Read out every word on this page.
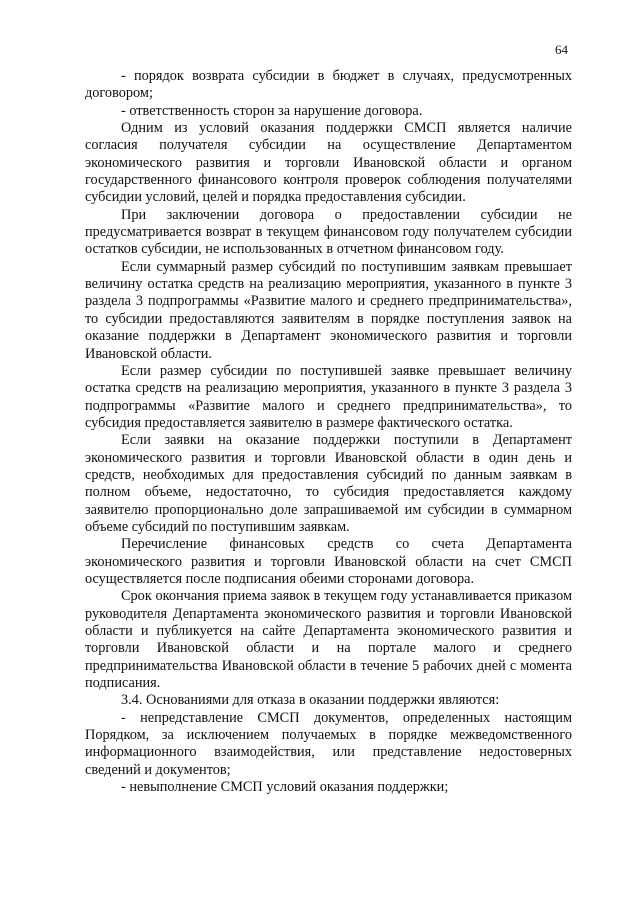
64

- порядок возврата субсидии в бюджет в случаях, предусмотренных договором;

- ответственность сторон за нарушение договора.

Одним из условий оказания поддержки СМСП является наличие согласия получателя субсидии на осуществление Департаментом экономического развития и торговли Ивановской области и органом государственного финансового контроля проверок соблюдения получателями субсидии условий, целей и порядка предоставления субсидии.

При заключении договора о предоставлении субсидии не предусматривается возврат в текущем финансовом году получателем субсидии остатков субсидии, не использованных в отчетном финансовом году.

Если суммарный размер субсидий по поступившим заявкам превышает величину остатка средств на реализацию мероприятия, указанного в пункте 3 раздела 3 подпрограммы «Развитие малого и среднего предпринимательства», то субсидии предоставляются заявителям в порядке поступления заявок на оказание поддержки в Департамент экономического развития и торговли Ивановской области.

Если размер субсидии по поступившей заявке превышает величину остатка средств на реализацию мероприятия, указанного в пункте 3 раздела 3 подпрограммы «Развитие малого и среднего предпринимательства», то субсидия предоставляется заявителю в размере фактического остатка.

Если заявки на оказание поддержки поступили в Департамент экономического развития и торговли Ивановской области в один день и средств, необходимых для предоставления субсидий по данным заявкам в полном объеме, недостаточно, то субсидия предоставляется каждому заявителю пропорционально доле запрашиваемой им субсидии в суммарном объеме субсидий по поступившим заявкам.

Перечисление финансовых средств со счета Департамента экономического развития и торговли Ивановской области на счет СМСП осуществляется после подписания обеими сторонами договора.

Срок окончания приема заявок в текущем году устанавливается приказом руководителя Департамента экономического развития и торговли Ивановской области и публикуется на сайте Департамента экономического развития и торговли Ивановской области и на портале малого и среднего предпринимательства Ивановской области в течение 5 рабочих дней с момента подписания.

3.4. Основаниями для отказа в оказании поддержки являются:

- непредставление СМСП документов, определенных настоящим Порядком, за исключением получаемых в порядке межведомственного информационного взаимодействия, или представление недостоверных сведений и документов;

- невыполнение СМСП условий оказания поддержки;
